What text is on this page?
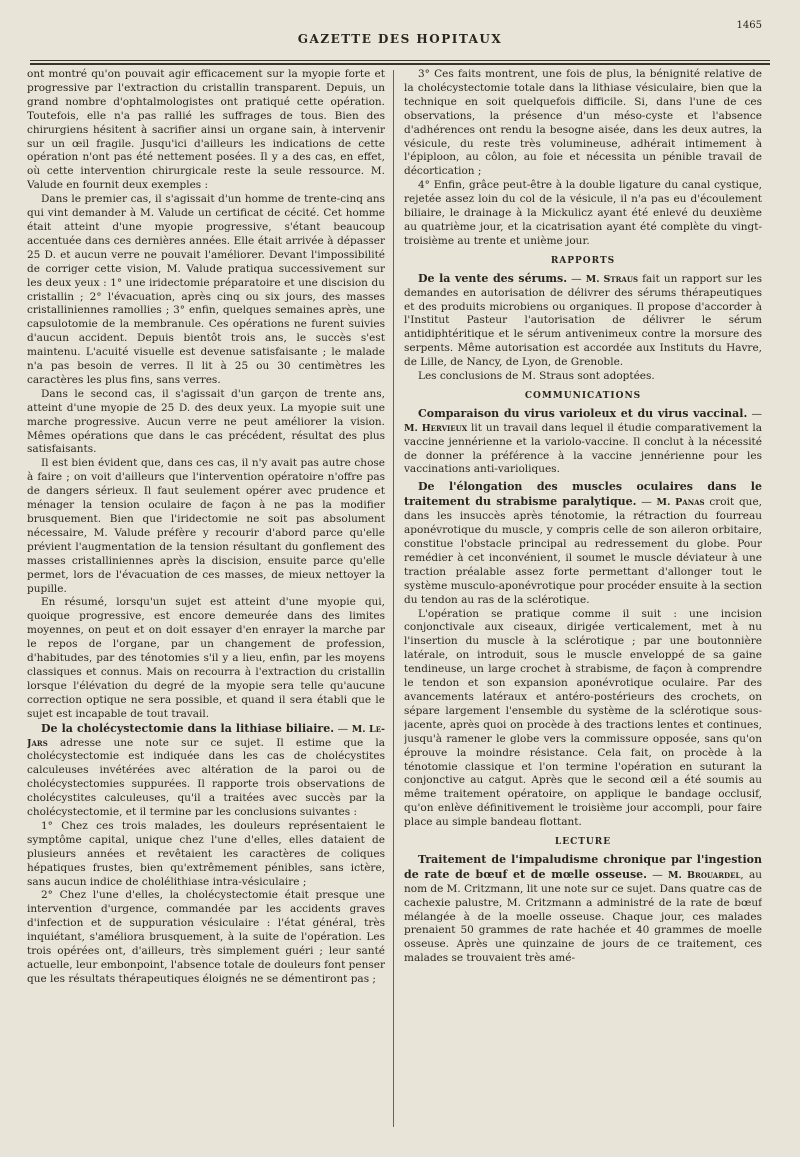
GAZETTE DES HOPITAUX
1465

ont montré qu'on pouvait agir efficacement sur la myopie forte et progressive par l'extraction du cristallin transparent. Depuis, un grand nombre d'ophtalmologistes ont pratiqué cette opération. Toutefois, elle n'a pas rallié les suffrages de tous. Bien des chirurgiens hésitent à sacrifier ainsi un organe sain, à intervenir sur un œil fragile. Jusqu'ici d'ailleurs les indications de cette opération n'ont pas été nettement posées. Il y a des cas, en effet, où cette intervention chirurgicale reste la seule ressource. M. Valude en fournit deux exemples :

Dans le premier cas, il s'agissait d'un homme de trente-cinq ans qui vint demander à M. Valude un certificat de cécité. Cet homme était atteint d'une myopie progressive, s'étant beaucoup accentuée dans ces dernières années. Elle était arrivée à dépasser 25 D. et aucun verre ne pouvait l'améliorer. Devant l'impossibilité de corriger cette vision, M. Valude pratiqua successivement sur les deux yeux : 1° une iridectomie préparatoire et une discision du cristallin ; 2° l'évacuation, après cinq ou six jours, des masses cristalliniennes ramollies ; 3° enfin, quelques semaines après, une capsulotomie de la membranule. Ces opérations ne furent suivies d'aucun accident. Depuis bientôt trois ans, le succès s'est maintenu. L'acuité visuelle est devenue satisfaisante ; le malade n'a pas besoin de verres. Il lit à 25 ou 30 centimètres les caractères les plus fins, sans verres.

Dans le second cas, il s'agissait d'un garçon de trente ans, atteint d'une myopie de 25 D. des deux yeux. La myopie suit une marche progressive. Aucun verre ne peut améliorer la vision. Mêmes opérations que dans le cas précédent, résultat des plus satisfaisants.

Il est bien évident que, dans ces cas, il n'y avait pas autre chose à faire ; on voit d'ailleurs que l'intervention opératoire n'offre pas de dangers sérieux. Il faut seulement opérer avec prudence et ménager la tension oculaire de façon à ne pas la modifier brusquement. Bien que l'iridectomie ne soit pas absolument nécessaire, M. Valude préfère y recourir d'abord parce qu'elle prévient l'augmentation de la tension résultant du gonflement des masses cristalliniennes après la discision, ensuite parce qu'elle permet, lors de l'évacuation de ces masses, de mieux nettoyer la pupille.

En résumé, lorsqu'un sujet est atteint d'une myopie qui, quoique progressive, est encore demeurée dans des limites moyennes, on peut et on doit essayer d'en enrayer la marche par le repos de l'organe, par un changement de profession, d'habitudes, par des ténotomies s'il y a lieu, enfin, par les moyens classiques et connus. Mais on recourra à l'extraction du cristallin lorsque l'élévation du degré de la myopie sera telle qu'aucune correction optique ne sera possible, et quand il sera établi que le sujet est incapable de tout travail.

De la cholécystectomie dans la lithiase biliaire. — M. Le-Jars adresse une note sur ce sujet. Il estime que la cholécystectomie est indiquée dans les cas de cholécystites calculeuses invétérées avec altération de la paroi ou de cholécystectomies suppurées. Il rapporte trois observations de cholécystites calculeuses, qu'il a traitées avec succès par la cholécystectomie, et il termine par les conclusions suivantes :

1° Chez ces trois malades, les douleurs représentaient le symptôme capital, unique chez l'une d'elles, elles dataient de plusieurs années et revêtaient les caractères de coliques hépatiques frustes, bien qu'extrêmement pénibles, sans ictère, sans aucun indice de cholélithiase intra-vésiculaire ;

2° Chez l'une d'elles, la cholécystectomie était presque une intervention d'urgence, commandée par les accidents graves d'infection et de suppuration vésiculaire : l'état général, très inquiétant, s'améliora brusquement, à la suite de l'opération. Les trois opérées ont, d'ailleurs, très simplement guéri ; leur santé actuelle, leur embonpoint, l'absence totale de douleurs font penser que les résultats thérapeutiques éloignés ne se démentiront pas ;

3° Ces faits montrent, une fois de plus, la bénignité relative de la cholécystectomie totale dans la lithiase vésiculaire, bien que la technique en soit quelquefois difficile. Si, dans l'une de ces observations, la présence d'un méso-cyste et l'absence d'adhérences ont rendu la besogne aisée, dans les deux autres, la vésicule, du reste très volumineuse, adhérait intimement à l'épiploon, au côlon, au foie et nécessita un pénible travail de décortication ;

4° Enfin, grâce peut-être à la double ligature du canal cystique, rejetée assez loin du col de la vésicule, il n'a pas eu d'écoulement biliaire, le drainage à la Mickulicz ayant été enlevé du deuxième au quatrième jour, et la cicatrisation ayant été complète du vingt-troisième au trente et unième jour.

RAPPORTS

De la vente des sérums. — M. Straus fait un rapport sur les demandes en autorisation de délivrer des sérums thérapeutiques et des produits microbiens ou organiques. Il propose d'accorder à l'Institut Pasteur l'autorisation de délivrer le sérum antidiphtéritique et le sérum antivenimeux contre la morsure des serpents. Même autorisation est accordée aux Instituts du Havre, de Lille, de Nancy, de Lyon, de Grenoble.

Les conclusions de M. Straus sont adoptées.

COMMUNICATIONS

Comparaison du virus varioleux et du virus vaccinal. — M. Hervieux lit un travail dans lequel il étudie comparativement la vaccine jennérienne et la variolo-vaccine. Il conclut à la nécessité de donner la préférence à la vaccine jennérienne pour les vaccinations anti-varioliques.

De l'élongation des muscles oculaires dans le traitement du strabisme paralytique. — M. Panas croit que, dans les insuccès après ténotomie, la rétraction du fourreau aponévrotique du muscle, y compris celle de son aileron orbitaire, constitue l'obstacle principal au redressement du globe. Pour remédier à cet inconvénient, il soumet le muscle déviateur à une traction préalable assez forte permettant d'allonger tout le système musculo-aponévrotique pour procéder ensuite à la section du tendon au ras de la sclérotique.

L'opération se pratique comme il suit : une incision conjonctivale aux ciseaux, dirigée verticalement, met à nu l'insertion du muscle à la sclérotique ; par une boutonnière latérale, on introduit, sous le muscle enveloppé de sa gaine tendineuse, un large crochet à strabisme, de façon à comprendre le tendon et son expansion aponévrotique oculaire. Par des avancements latéraux et antéro-postérieurs des crochets, on sépare largement l'ensemble du système de la sclérotique sous-jacente, après quoi on procède à des tractions lentes et continues, jusqu'à ramener le globe vers la commissure opposée, sans qu'on éprouve la moindre résistance. Cela fait, on procède à la ténotomie classique et l'on termine l'opération en suturant la conjonctive au catgut. Après que le second œil a été soumis au même traitement opératoire, on applique le bandage occlusif, qu'on enlève définitivement le troisième jour accompli, pour faire place au simple bandeau flottant.

LECTURE

Traitement de l'impaludisme chronique par l'ingestion de rate de bœuf et de mœlle osseuse. — M. Brouardel, au nom de M. Critzmann, lit une note sur ce sujet. Dans quatre cas de cachexie palustre, M. Critzmann a administré de la rate de bœuf mélangée à de la moelle osseuse. Chaque jour, ces malades prenaient 50 grammes de rate hachée et 40 grammes de moelle osseuse. Après une quinzaine de jours de ce traitement, ces malades se trouvaient très amé-
